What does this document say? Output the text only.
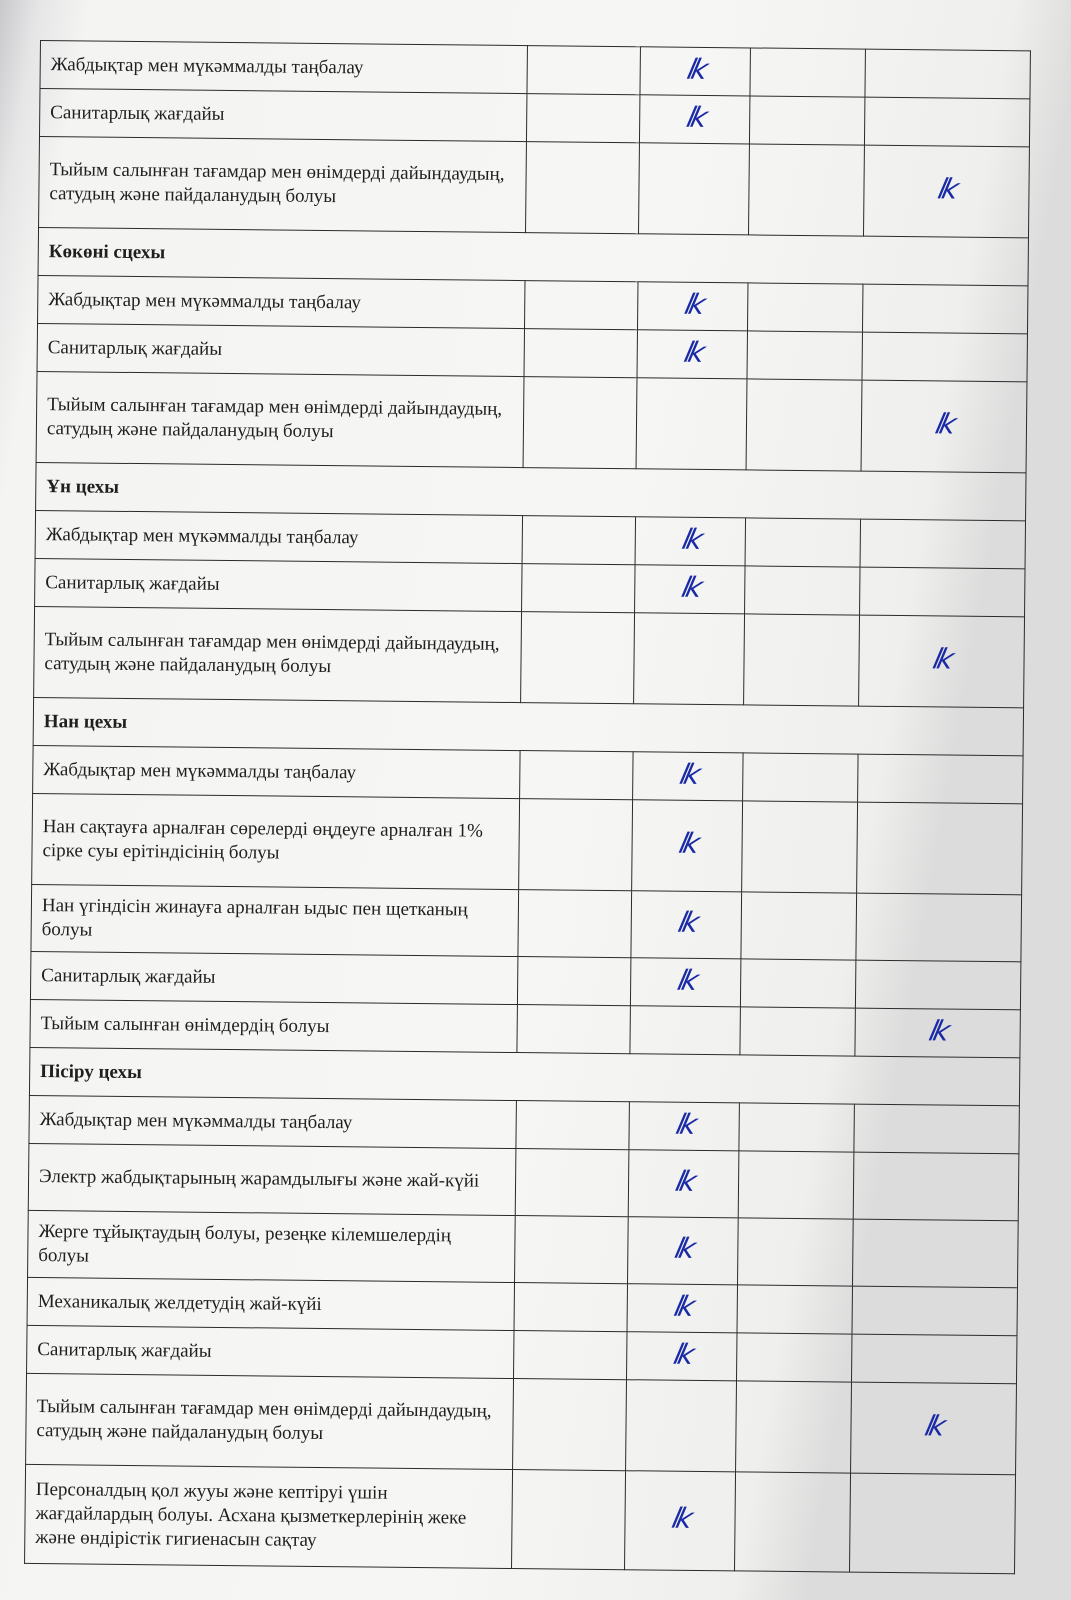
Жабдықтар мен мүкәммалды таңбалау		lk		
Санитарлық жағдайы		lk		
Тыйым салынған тағамдар мен өнімдерді дайындаудың, сатудың және пайдаланудың болуы				lk
Көкөні сцехы				
Жабдықтар мен мүкәммалды таңбалау		lk		
Санитарлық жағдайы		lk		
Тыйым салынған тағамдар мен өнімдерді дайындаудың, сатудың және пайдаланудың болуы				lk
Ұн цехы				
Жабдықтар мен мүкәммалды таңбалау		lk		
Санитарлық жағдайы		lk		
Тыйым салынған тағамдар мен өнімдерді дайындаудың, сатудың және пайдаланудың болуы				lk
Нан цехы				
Жабдықтар мен мүкәммалды таңбалау		lk		
Нан сақтауға арналған сөрелерді өңдеуге арналған 1% сірке суы ерітіндісінің болуы		lk		
Нан үгіндісін жинауға арналған ыдыс пен щетканың болуы		lk		
Санитарлық жағдайы		lk		
Тыйым салынған өнімдердің болуы				lk
Пісіру цехы				
Жабдықтар мен мүкәммалды таңбалау		lk		
Электр жабдықтарының жарамдылығы және жай-күйі		lk		
Жерге тұйықтаудың болуы, резеңке кілемшелердің болуы		lk		
Механикалық желдетудің жай-күйі		lk		
Санитарлық жағдайы		lk		
Тыйым салынған тағамдар мен өнімдерді дайындаудың, сатудың және пайдаланудың болуы				lk
Персоналдың қол жууы және кептіруі үшін жағдайлардың болуы. Асхана қызметкерлерінің жеке және өндірістік гигиенасын сақтау		lk		
